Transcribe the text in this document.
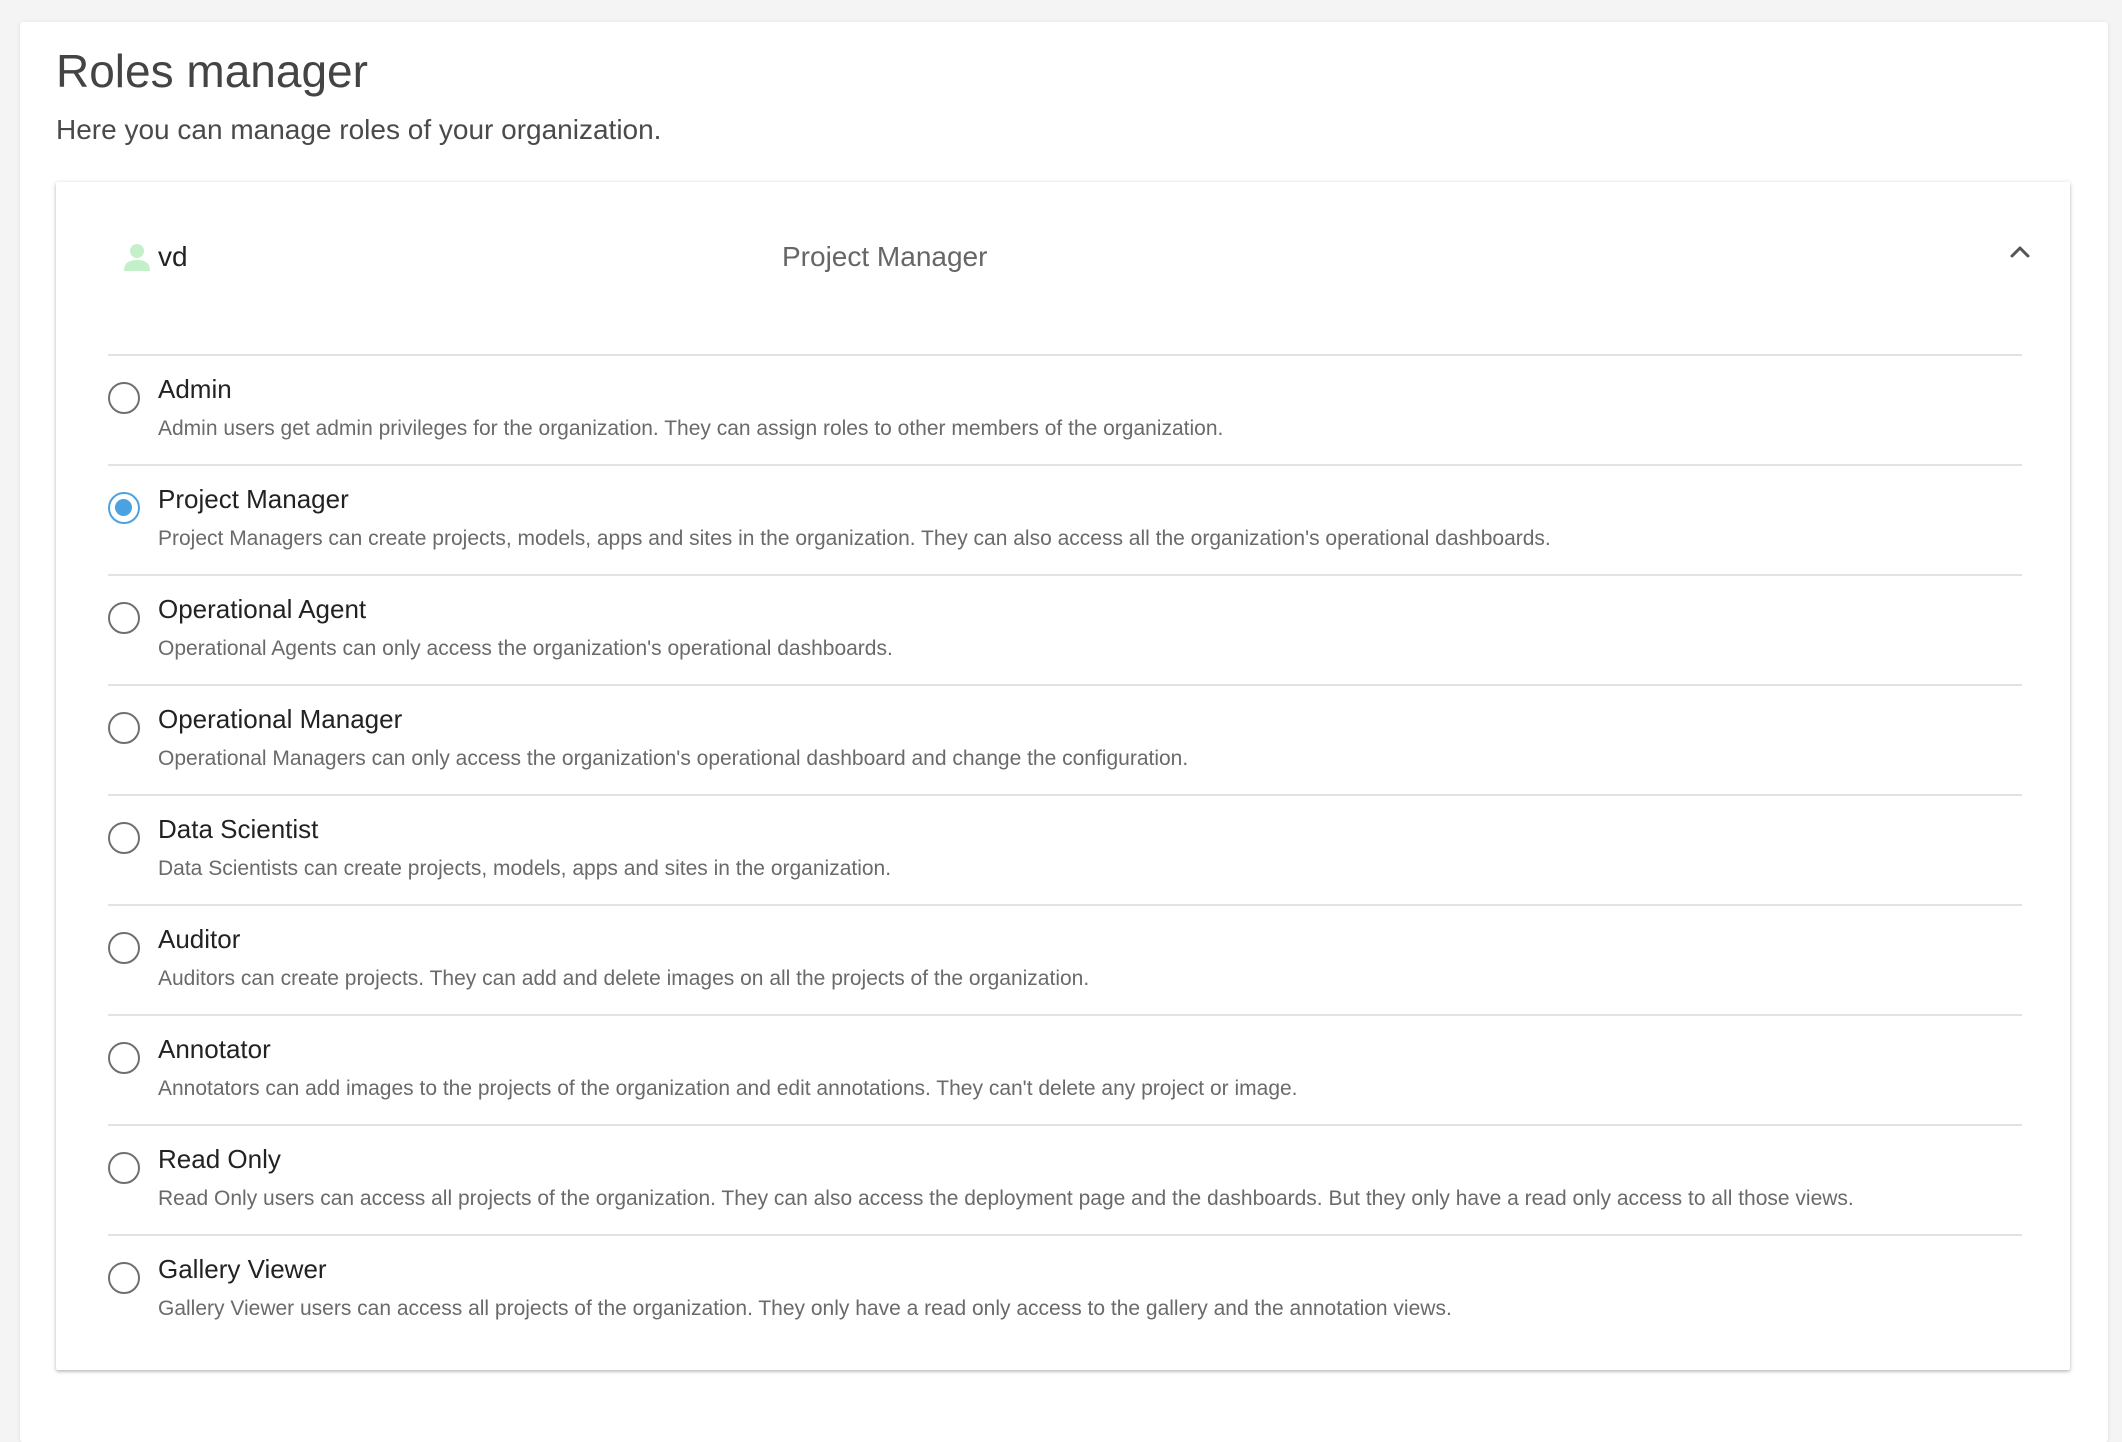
Roles manager

Here you can manage roles of your organization.

vd	Project Manager
Admin
Admin users get admin privileges for the organization. They can assign roles to other members of the organization.
Project Manager
Project Managers can create projects, models, apps and sites in the organization. They can also access all the organization's operational dashboards.
Operational Agent
Operational Agents can only access the organization's operational dashboards.
Operational Manager
Operational Managers can only access the organization's operational dashboard and change the configuration.
Data Scientist
Data Scientists can create projects, models, apps and sites in the organization.
Auditor
Auditors can create projects. They can add and delete images on all the projects of the organization.
Annotator
Annotators can add images to the projects of the organization and edit annotations. They can't delete any project or image.
Read Only
Read Only users can access all projects of the organization. They can also access the deployment page and the dashboards. But they only have a read only access to all those views.
Gallery Viewer
Gallery Viewer users can access all projects of the organization. They only have a read only access to the gallery and the annotation views.
